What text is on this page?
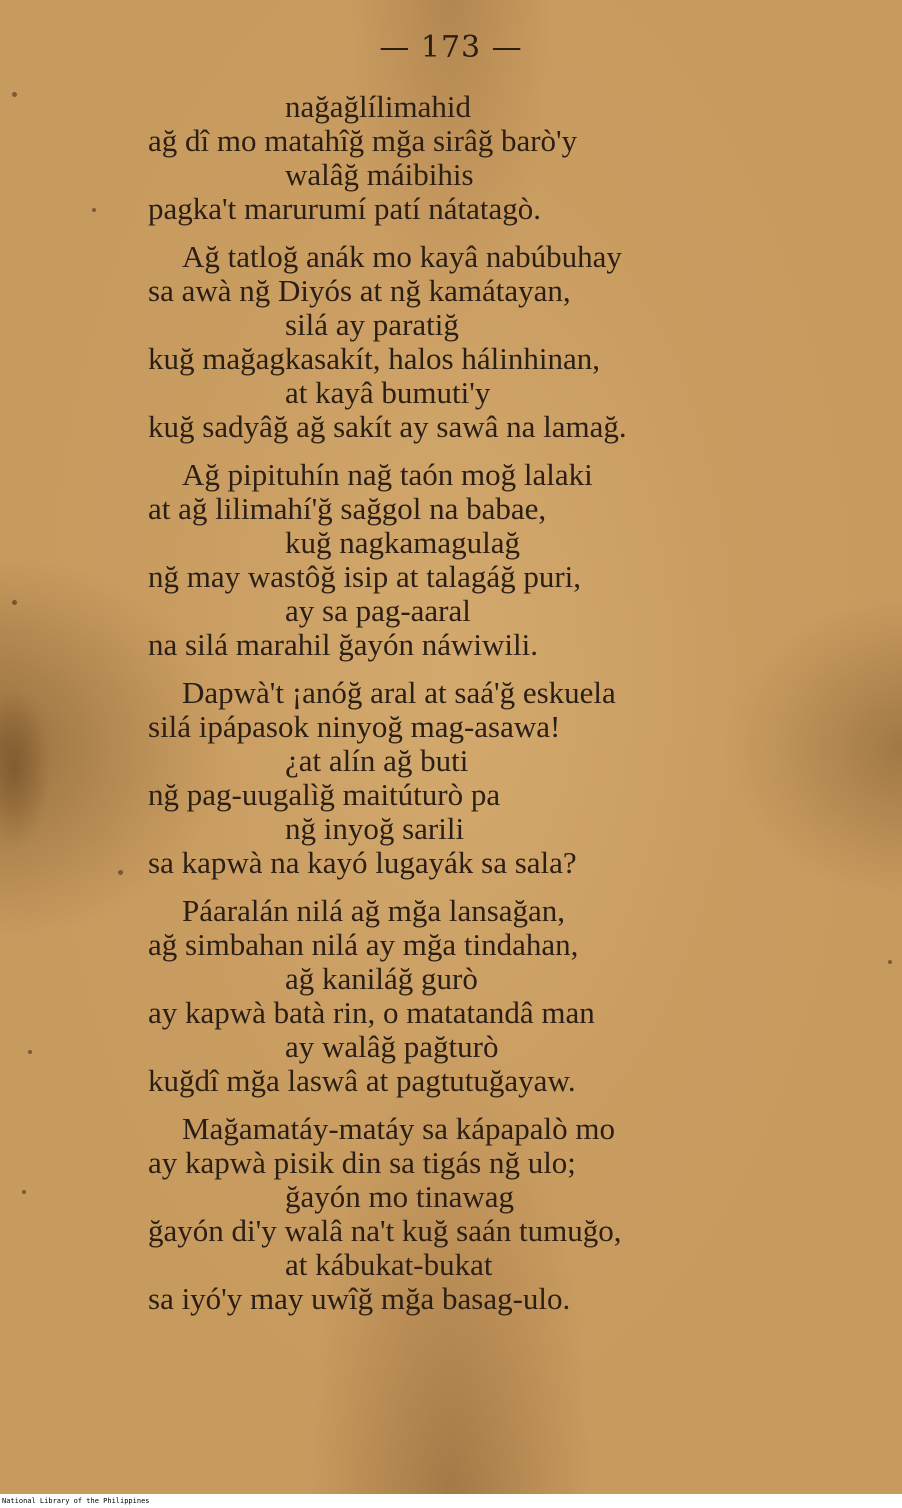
— 173 —
nağağlílimahid
ağ dî mo matahîğ mğa sirâğ barò'y
walâğ máibihis
pagka't marurumí patí nátatagò.
Ağ tatloğ anák mo kayâ nabúbuhay
sa awà nğ Diyós at nğ kamátayan,
silá ay paratiğ
kuğ mağagkasakít, halos hálinhinan,
at kayâ bumuti'y
kuğ sadyâğ ağ sakít ay sawâ na lamağ.
Ağ pipituhín nağ taón moğ lalaki
at ağ lilimahí'ğ sağgol na babae,
kuğ nagkamagulağ
nğ may wastôğ isip at talagáğ puri,
ay sa pag-aaral
na silá marahil ğayón náwiwili.
Dapwà't ¡anóğ aral at saá'ğ eskuela
silá ipápasok ninyoğ mag-asawa!
¿at alín ağ buti
nğ pag-uugalìğ maitúturò pa
nğ inyoğ sarili
sa kapwà na kayó lugayák sa sala?
Páaralán nilá ağ mğa lansağan,
ağ simbahan nilá ay mğa tindahan,
ağ kaniláğ gurò
ay kapwà batà rin, o matatandâ man
ay walâğ pağturò
kuğdî mğa laswâ at pagtutuğayaw.
Mağamatáy-matáy sa kápapalò mo
ay kapwà pisik din sa tigás nğ ulo;
ğayón mo tinawag
ğayón di'y walâ na't kuğ saán tumuğo,
at kábukat-bukat
sa iyó'y may uwîğ mğa basag-ulo.
National Library of the Philippines
